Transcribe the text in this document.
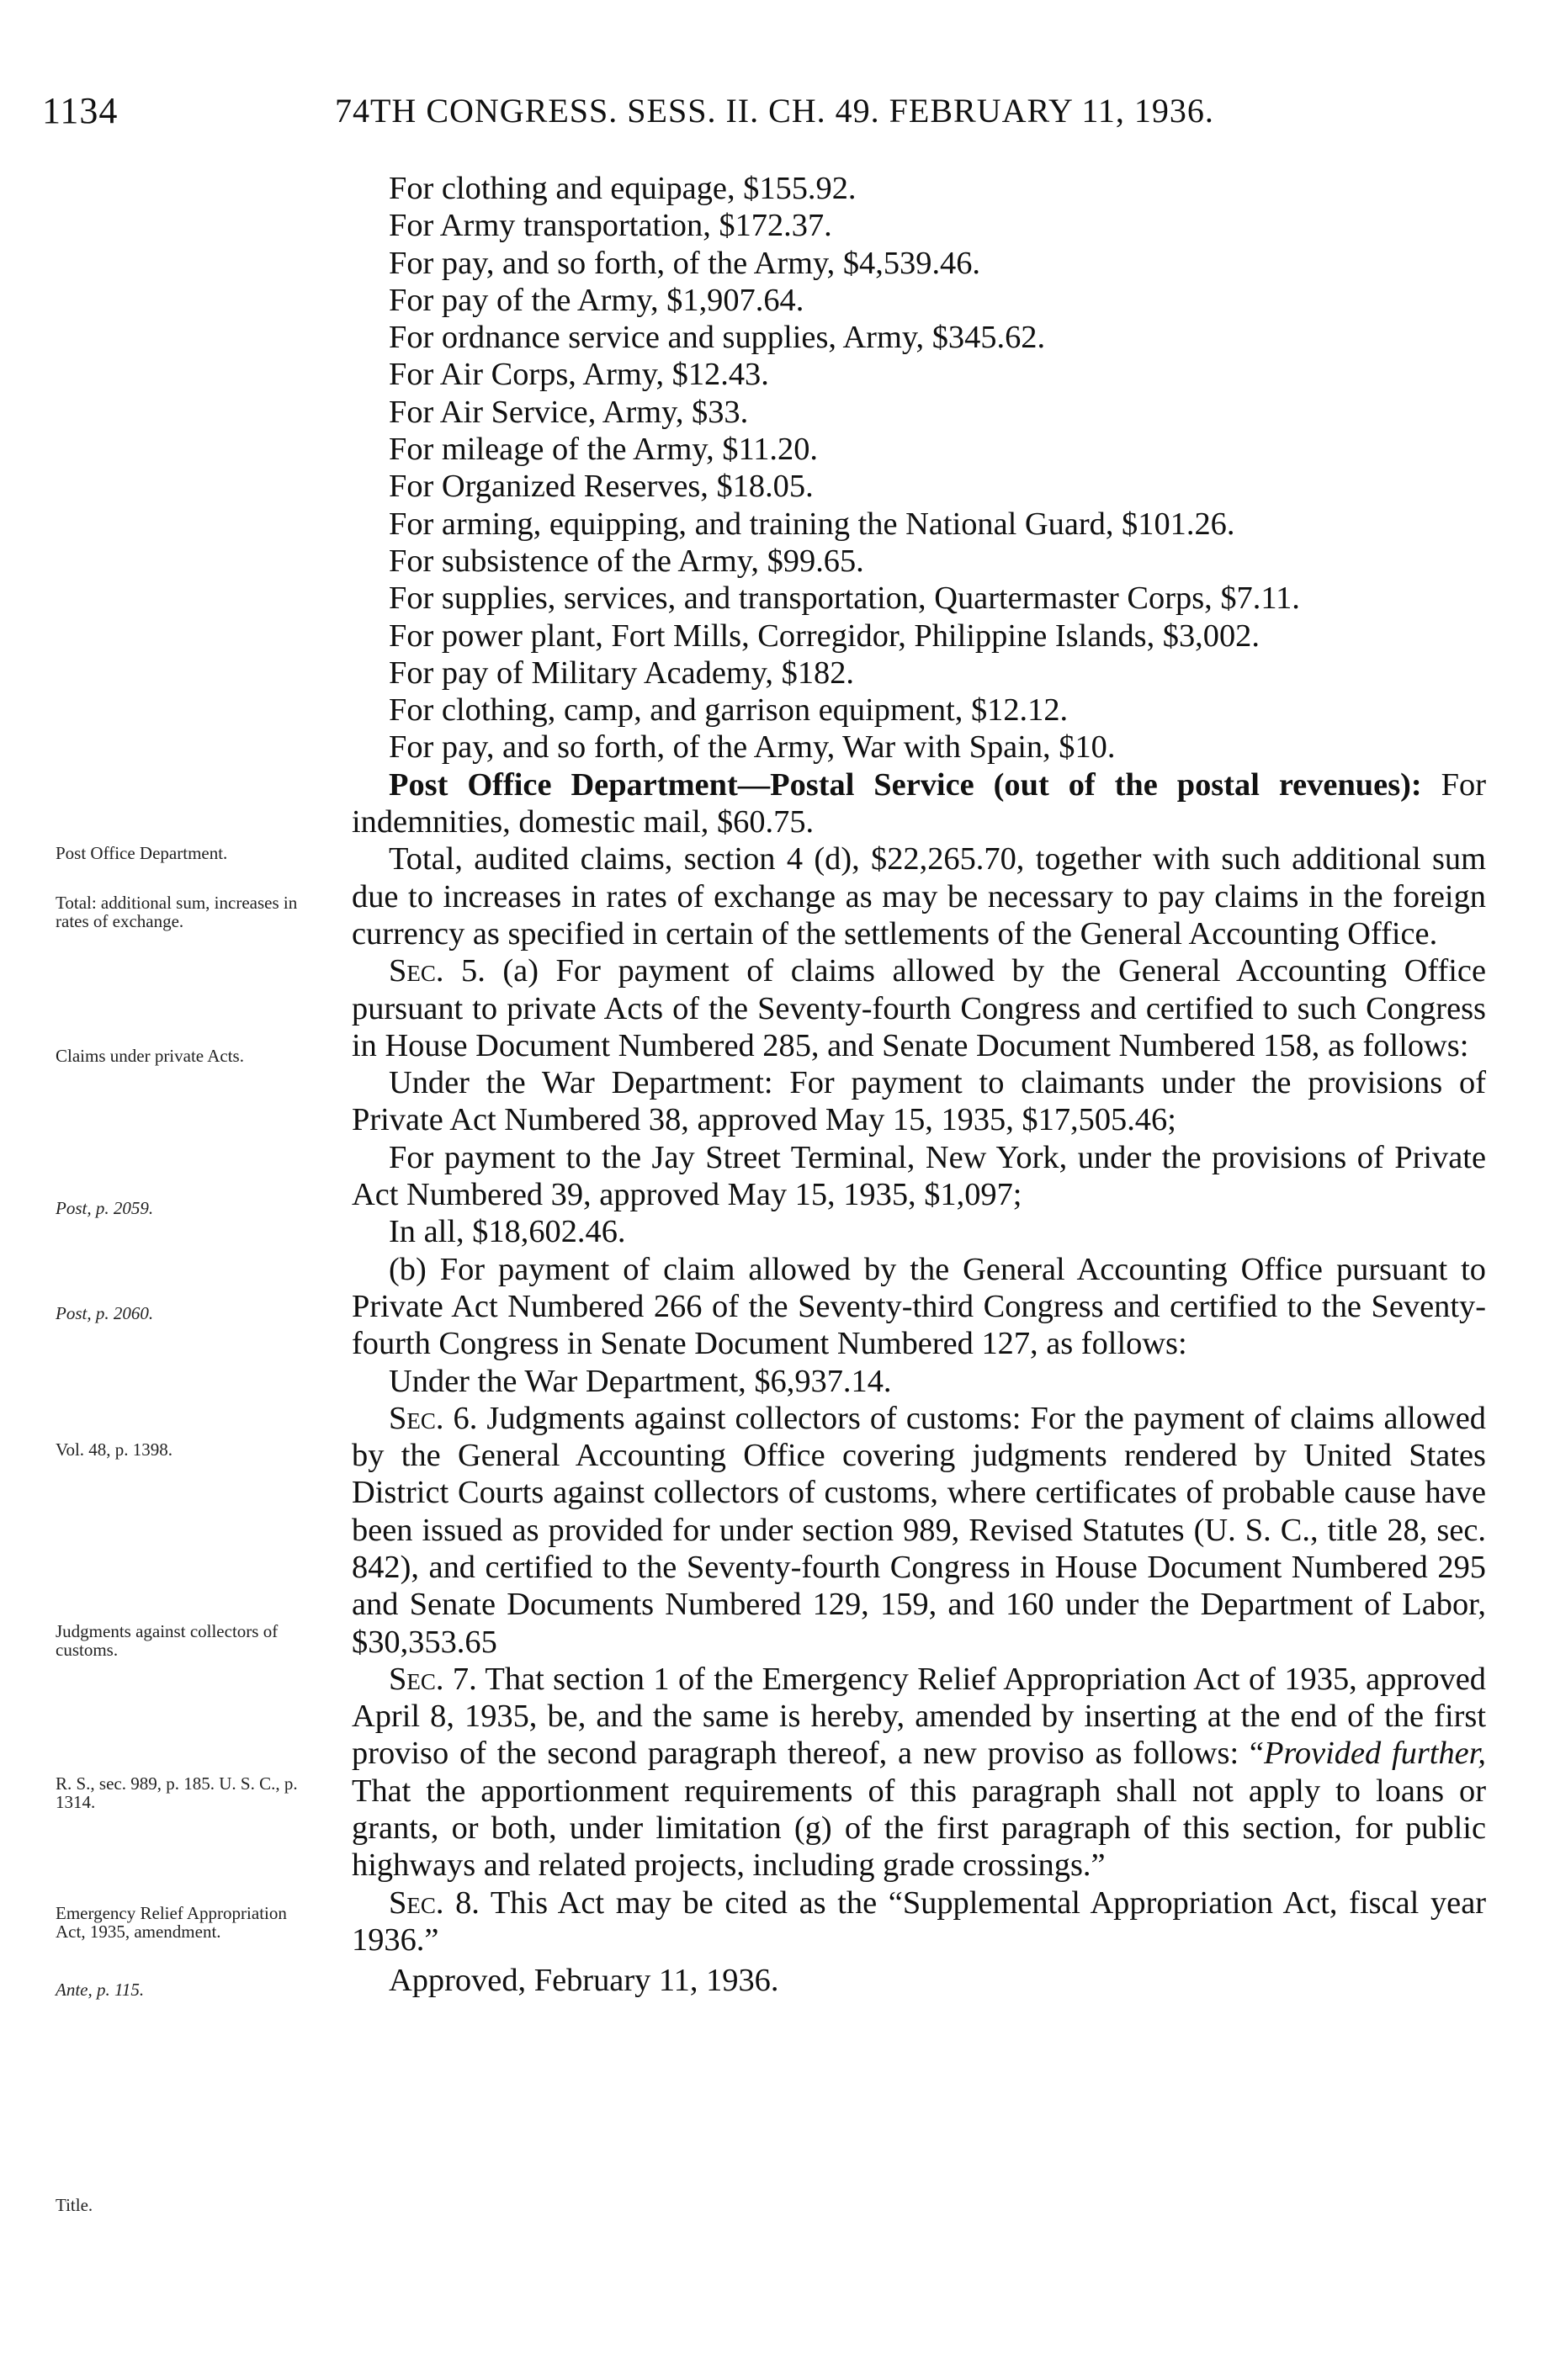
1134	74TH CONGRESS. SESS. II. CH. 49. FEBRUARY 11, 1936.
Post Office Department.
Total: additional sum, increases in rates of exchange.
Claims under private Acts.
Post, p. 2059.
Post, p. 2060.
Vol. 48, p. 1398.
Judgments against collectors of customs.
R. S., sec. 989, p. 185. U. S. C., p. 1314.
Emergency Relief Appropriation Act, 1935, amendment.
Ante, p. 115.
Title.

For clothing and equipage, $155.92.

For Army transportation, $172.37.

For pay, and so forth, of the Army, $4,539.46.

For pay of the Army, $1,907.64.

For ordnance service and supplies, Army, $345.62.

For Air Corps, Army, $12.43.

For Air Service, Army, $33.

For mileage of the Army, $11.20.

For Organized Reserves, $18.05.

For arming, equipping, and training the National Guard, $101.26.

For subsistence of the Army, $99.65.

For supplies, services, and transportation, Quartermaster Corps, $7.11.

For power plant, Fort Mills, Corregidor, Philippine Islands, $3,002.

For pay of Military Academy, $182.

For clothing, camp, and garrison equipment, $12.12.

For pay, and so forth, of the Army, War with Spain, $10.

Post Office Department—Postal Service (out of the postal revenues): For indemnities, domestic mail, $60.75.

Total, audited claims, section 4 (d), $22,265.70, together with such additional sum due to increases in rates of exchange as may be necessary to pay claims in the foreign currency as specified in certain of the settlements of the General Accounting Office.

Sec. 5. (a) For payment of claims allowed by the General Accounting Office pursuant to private Acts of the Seventy-fourth Congress and certified to such Congress in House Document Numbered 285, and Senate Document Numbered 158, as follows:

Under the War Department: For payment to claimants under the provisions of Private Act Numbered 38, approved May 15, 1935, $17,505.46;

For payment to the Jay Street Terminal, New York, under the provisions of Private Act Numbered 39, approved May 15, 1935, $1,097;

In all, $18,602.46.

(b) For payment of claim allowed by the General Accounting Office pursuant to Private Act Numbered 266 of the Seventy-third Congress and certified to the Seventy-fourth Congress in Senate Document Numbered 127, as follows:

Under the War Department, $6,937.14.

Sec. 6. Judgments against collectors of customs: For the payment of claims allowed by the General Accounting Office covering judgments rendered by United States District Courts against collectors of customs, where certificates of probable cause have been issued as provided for under section 989, Revised Statutes (U. S. C., title 28, sec. 842), and certified to the Seventy-fourth Congress in House Document Numbered 295 and Senate Documents Numbered 129, 159, and 160 under the Department of Labor, $30,353.65

Sec. 7. That section 1 of the Emergency Relief Appropriation Act of 1935, approved April 8, 1935, be, and the same is hereby, amended by inserting at the end of the first proviso of the second paragraph thereof, a new proviso as follows: “Provided further, That the apportionment requirements of this paragraph shall not apply to loans or grants, or both, under limitation (g) of the first paragraph of this section, for public highways and related projects, including grade crossings.”

Sec. 8. This Act may be cited as the “Supplemental Appropriation Act, fiscal year 1936.”

Approved, February 11, 1936.
